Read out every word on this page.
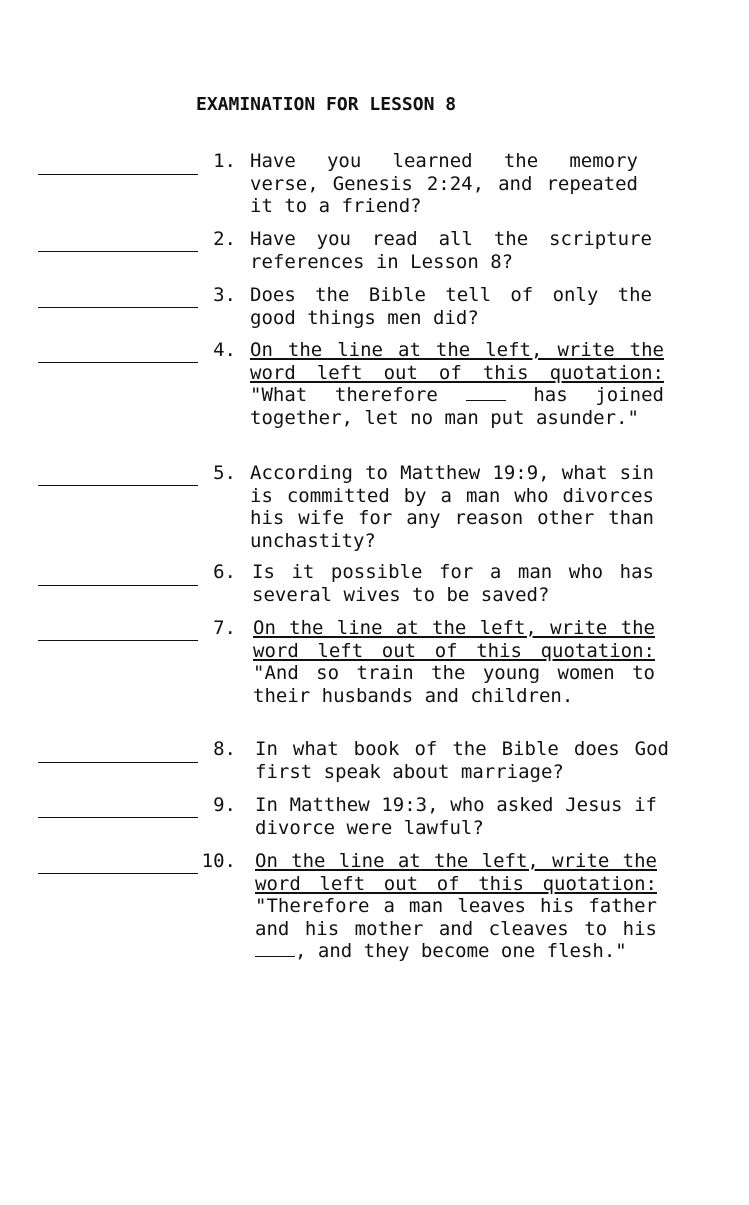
EXAMINATION FOR LESSON 8
1. Have you learned the memory verse, Genesis 2:24, and repeated it to a friend?
2. Have you read all the scripture references in Lesson 8?
3. Does the Bible tell of only the good things men did?
4. On the line at the left, write the word left out of this quotation: "What therefore	has joined together, let no man put asunder."
5. According to Matthew 19:9, what sin is committed by a man who divorces his wife for any reason other than unchastity?
6. Is it possible for a man who has several wives to be saved?
7. On the line at the left, write the word left out of this quotation: "And so train the young women to their husbands and children.
8. In what book of the Bible does God first speak about marriage?
9. In Matthew 19:3, who asked Jesus if divorce were lawful?
10. On the line at the left, write the word left out of this quotation: "Therefore a man leaves his father and his mother and cleaves to his , and they become one flesh."
